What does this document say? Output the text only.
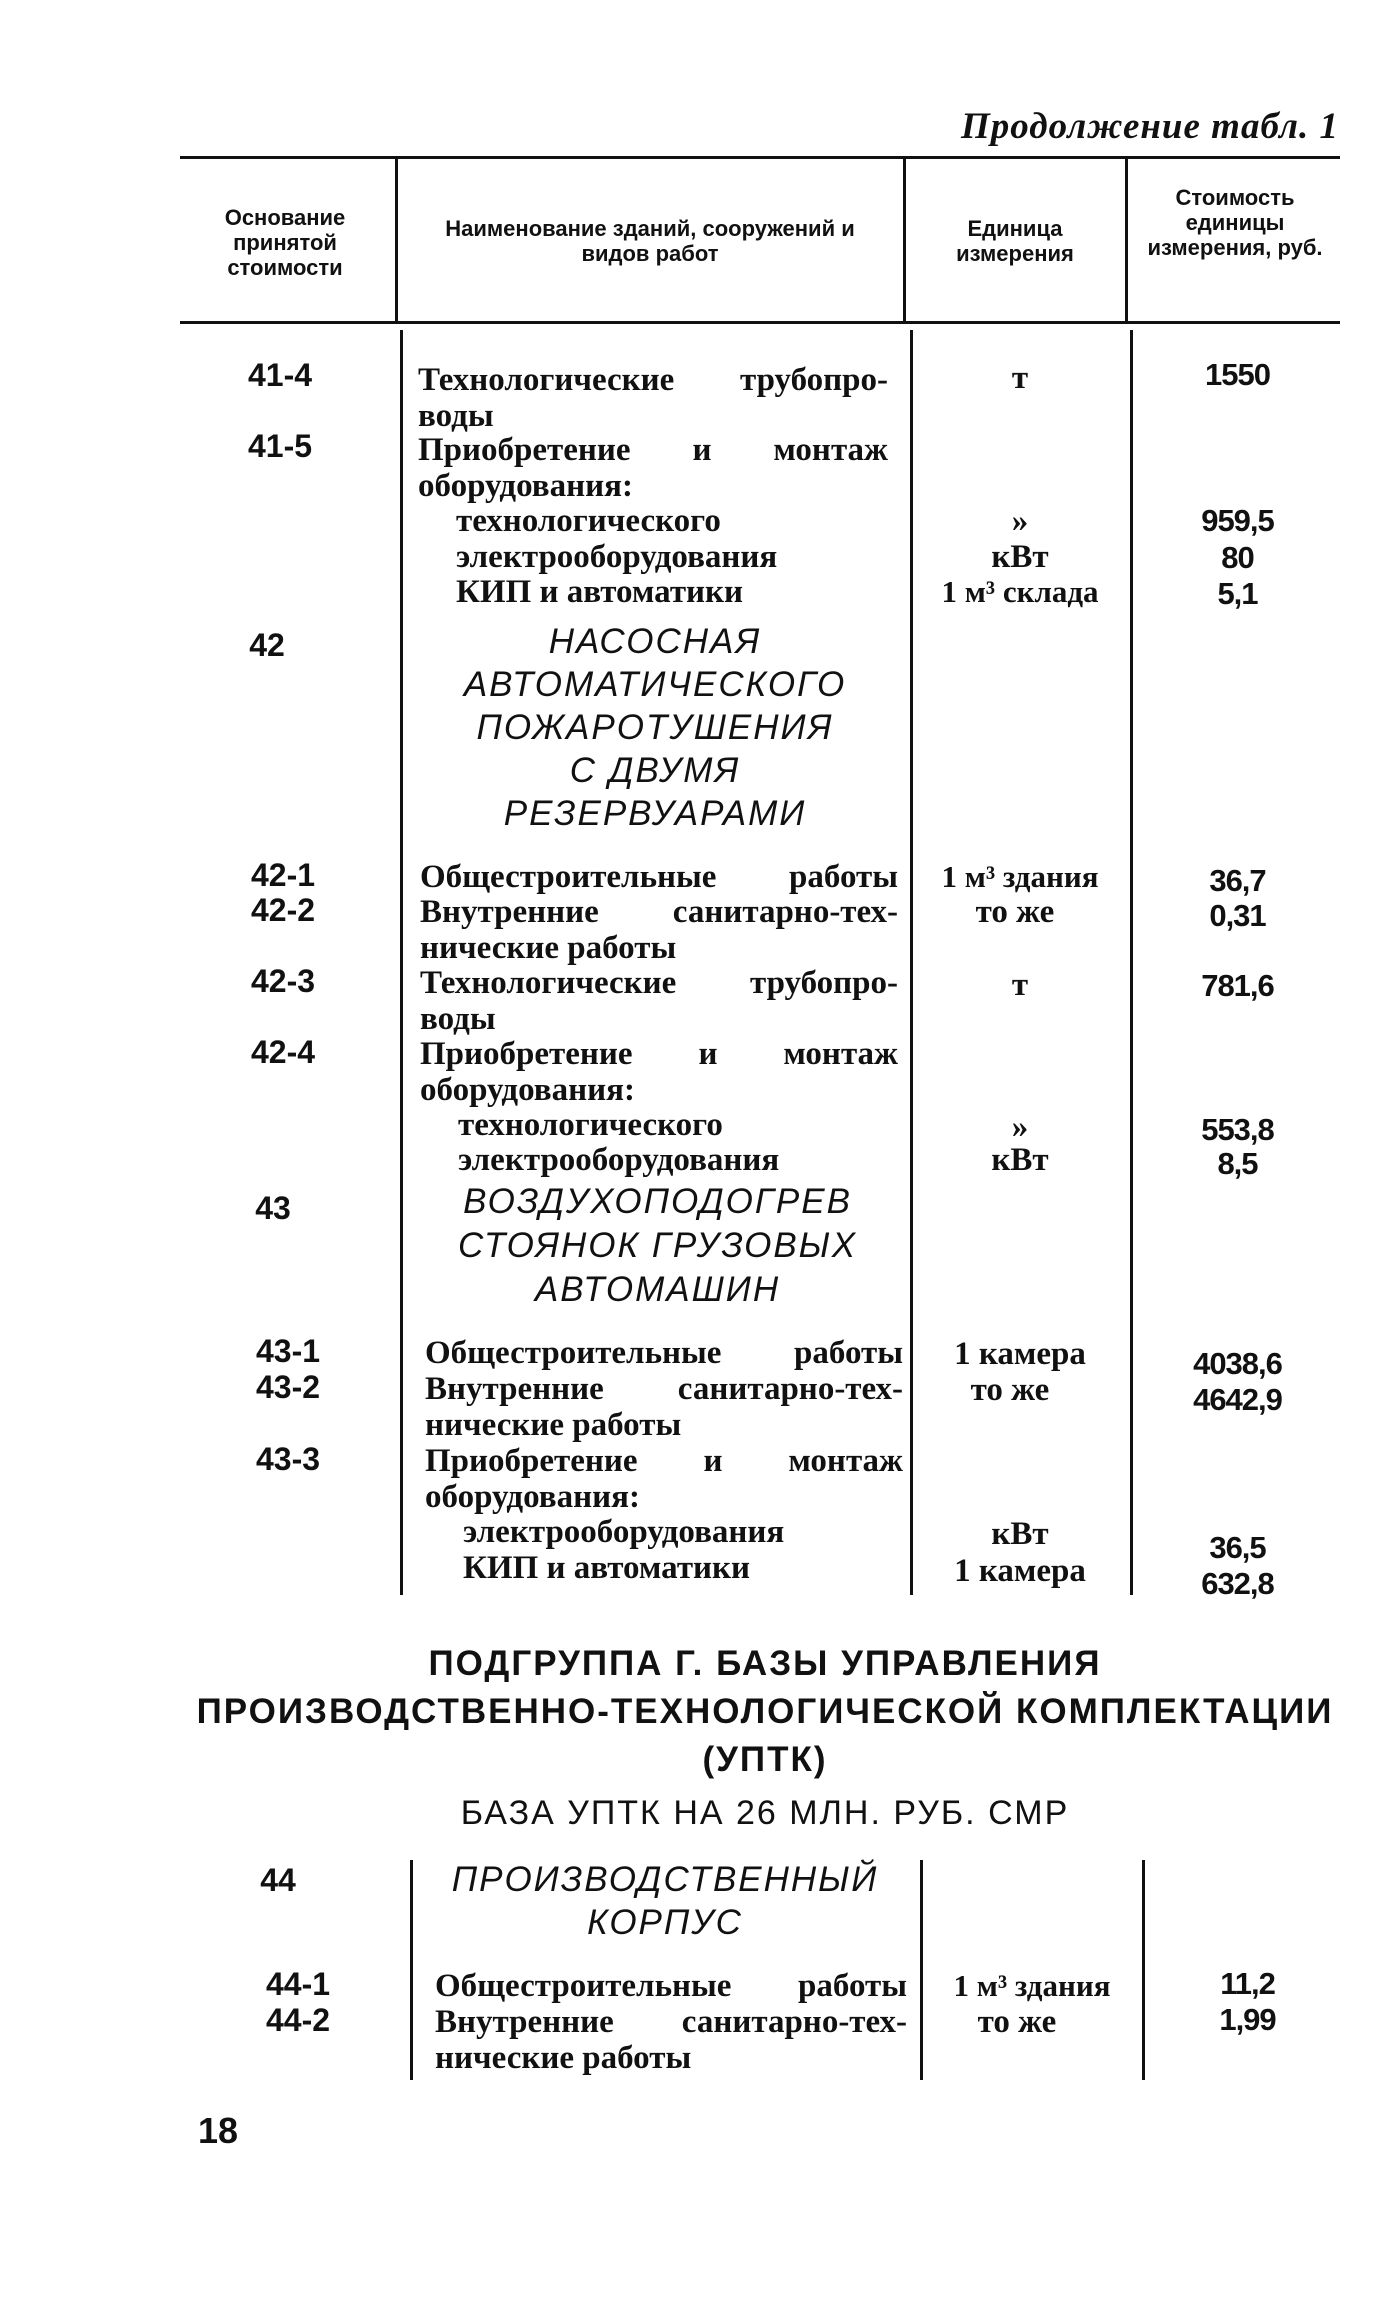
Продолжение табл. 1
Основание принятой стоимости
Наименование зданий, сооружений и видов работ
Единица измерения
Стоимость единицы измерения, руб.
41-4	Технологические трубопро-
воды
т	1550
41-5	Приобретение и монтаж
оборудования:
технологического	»	959,5
электрооборудования	кВт	80
КИП и автоматики	1 м³ склада	5,1
42	НАСОСНАЯ
АВТОМАТИЧЕСКОГО
ПОЖАРОТУШЕНИЯ
С ДВУМЯ
РЕЗЕРВУАРАМИ
42-1	Общестроительные работы	1 м³ здания	36,7
42-2	Внутренние санитарно-тех-
нические работы
то же	0,31
42-3	Технологические трубопро-
воды
т	781,6
42-4	Приобретение и монтаж
оборудования:
технологического	»	553,8
электрооборудования	кВт	8,5
43	ВОЗДУХОПОДОГРЕВ
СТОЯНОК ГРУЗОВЫХ
АВТОМАШИН
43-1	Общестроительные работы	1 камера	4038,6
43-2	Внутренние санитарно-тех-
нические работы
то же	4642,9
43-3	Приобретение и монтаж
оборудования:
электрооборудования	кВт	36,5
КИП и автоматики	1 камера	632,8
ПОДГРУППА Г. БАЗЫ УПРАВЛЕНИЯ
ПРОИЗВОДСТВЕННО-ТЕХНОЛОГИЧЕСКОЙ КОМПЛЕКТАЦИИ
(УПТК)
БАЗА УПТК НА 26 МЛН. РУБ. СМР
44	ПРОИЗВОДСТВЕННЫЙ
КОРПУС
44-1	Общестроительные работы	1 м³ здания	11,2
44-2	Внутренние санитарно-тех-
нические работы
то же	1,99
18
